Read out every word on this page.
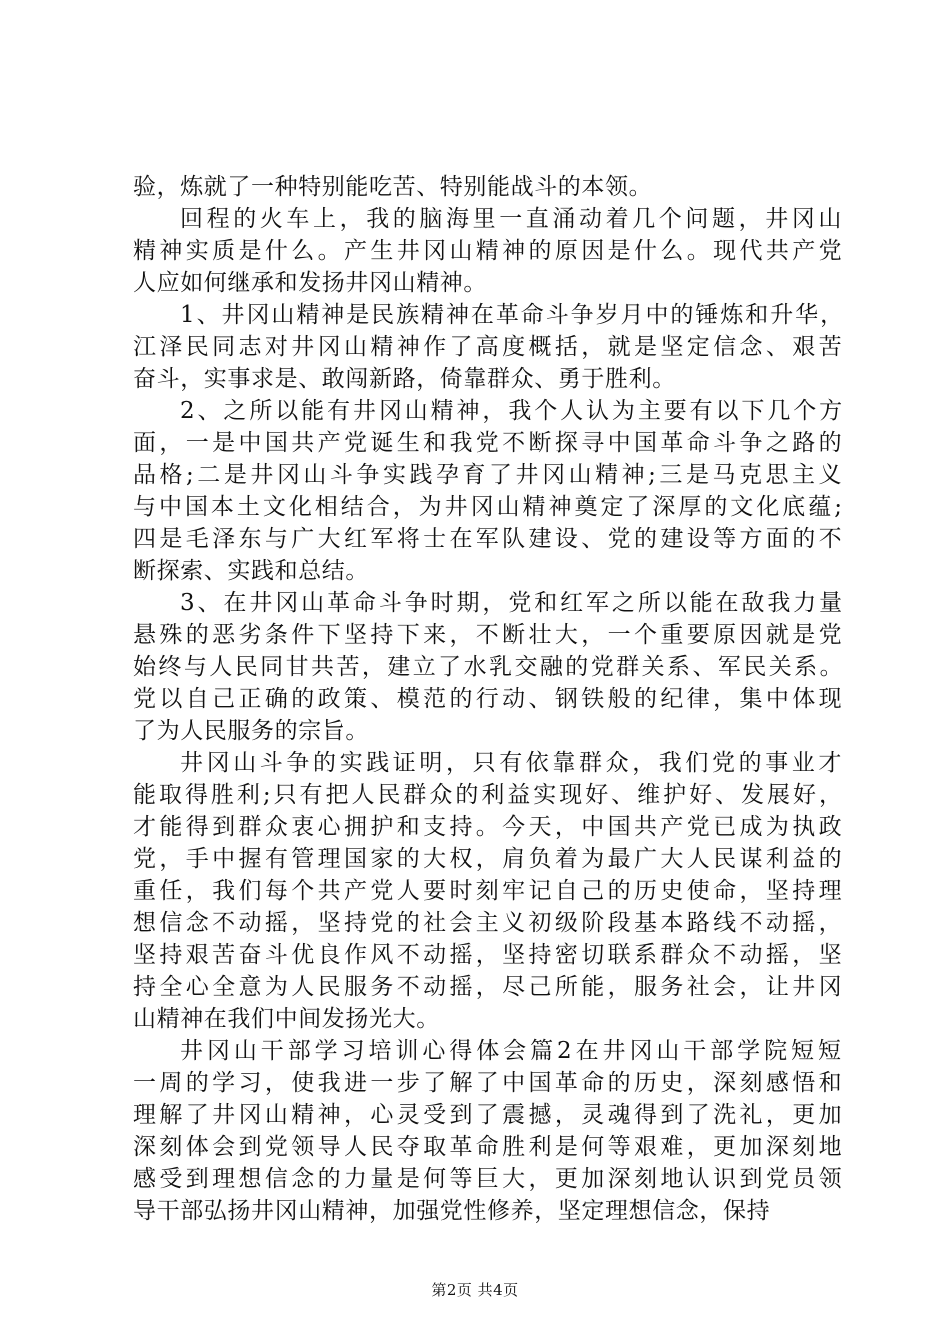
验，炼就了一种特别能吃苦、特别能战斗的本领。
回程的火车上，我的脑海里一直涌动着几个问题，井冈山
精神实质是什么。产生井冈山精神的原因是什么。现代共产党
人应如何继承和发扬井冈山精神。
1、井冈山精神是民族精神在革命斗争岁月中的锤炼和升华，
江泽民同志对井冈山精神作了高度概括，就是坚定信念、艰苦
奋斗，实事求是、敢闯新路，倚靠群众、勇于胜利。
2、之所以能有井冈山精神，我个人认为主要有以下几个方
面，一是中国共产党诞生和我党不断探寻中国革命斗争之路的
品格;二是井冈山斗争实践孕育了井冈山精神;三是马克思主义
与中国本土文化相结合，为井冈山精神奠定了深厚的文化底蕴;
四是毛泽东与广大红军将士在军队建设、党的建设等方面的不
断探索、实践和总结。
3、在井冈山革命斗争时期，党和红军之所以能在敌我力量
悬殊的恶劣条件下坚持下来，不断壮大，一个重要原因就是党
始终与人民同甘共苦，建立了水乳交融的党群关系、军民关系。
党以自己正确的政策、模范的行动、钢铁般的纪律，集中体现
了为人民服务的宗旨。
井冈山斗争的实践证明，只有依靠群众，我们党的事业才
能取得胜利;只有把人民群众的利益实现好、维护好、发展好，
才能得到群众衷心拥护和支持。今天，中国共产党已成为执政
党，手中握有管理国家的大权，肩负着为最广大人民谋利益的
重任，我们每个共产党人要时刻牢记自己的历史使命，坚持理
想信念不动摇，坚持党的社会主义初级阶段基本路线不动摇，
坚持艰苦奋斗优良作风不动摇，坚持密切联系群众不动摇，坚
持全心全意为人民服务不动摇，尽己所能，服务社会，让井冈
山精神在我们中间发扬光大。
井冈山干部学习培训心得体会篇2在井冈山干部学院短短
一周的学习，使我进一步了解了中国革命的历史，深刻感悟和
理解了井冈山精神，心灵受到了震撼，灵魂得到了洗礼，更加
深刻体会到党领导人民夺取革命胜利是何等艰难，更加深刻地
感受到理想信念的力量是何等巨大，更加深刻地认识到党员领
导干部弘扬井冈山精神，加强党性修养，坚定理想信念，保持
第2页 共4页
